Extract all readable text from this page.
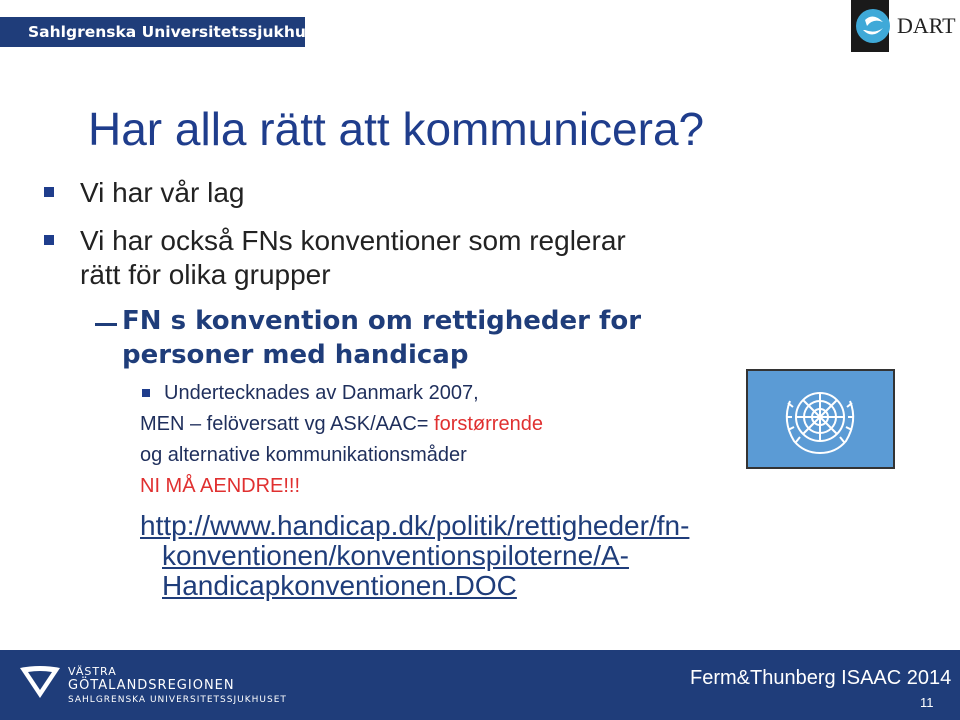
Sahlgrenska Universitetssjukhuset	DART
Har alla rätt att kommunicera?
Vi har vår lag
Vi har också FNs konventioner som reglerar
rätt för olika grupper
FN s konvention om rettigheder for
personer med handicap
Undertecknades av Danmark 2007,
MEN – felöversatt vg ASK/AAC= forstørrende
og alternative kommunikationsmåder
NI MÅ AENDRE!!!
http://www.handicap.dk/politik/rettigheder/fn-
konventionen/konventionspiloterne/A-
Handicapkonventionen.DOC
VÄSTRA
GÖTALANDSREGIONEN
SAHLGRENSKA UNIVERSITETSSJUKHUSET
Ferm&Thunberg ISAAC 2014
11
